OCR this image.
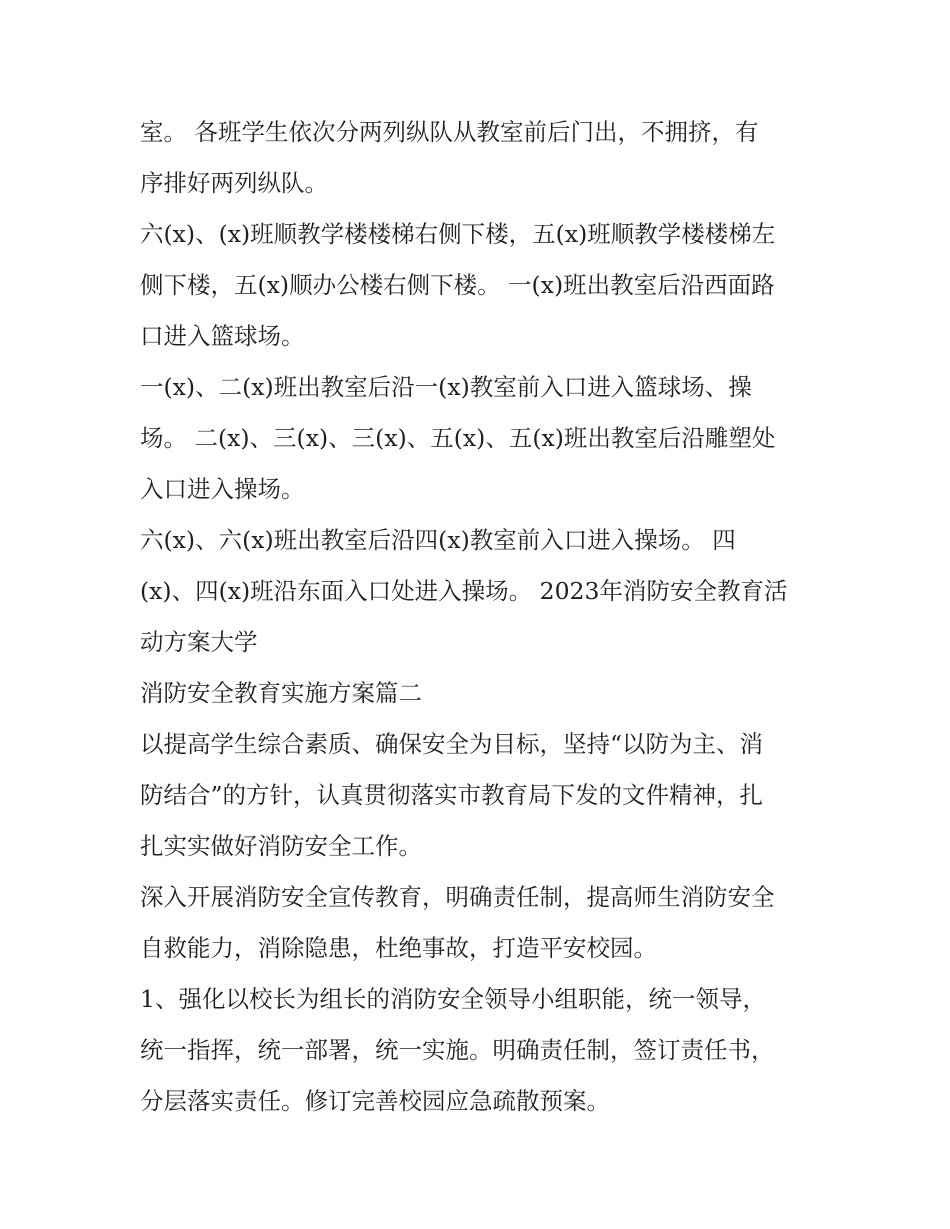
室。 各班学生依次分两列纵队从教室前后门出，不拥挤，有
序排好两列纵队。

六(x)、(x)班顺教学楼楼梯右侧下楼，五(x)班顺教学楼楼梯左
侧下楼，五(x)顺办公楼右侧下楼。 一(x)班出教室后沿西面路
口进入篮球场。

一(x)、二(x)班出教室后沿一(x)教室前入口进入篮球场、操
场。 二(x)、三(x)、三(x)、五(x)、五(x)班出教室后沿雕塑处
入口进入操场。

六(x)、六(x)班出教室后沿四(x)教室前入口进入操场。 四
(x)、四(x)班沿东面入口处进入操场。 2023年消防安全教育活
动方案大学

消防安全教育实施方案篇二

以提高学生综合素质、确保安全为目标，坚持“以防为主、消
防结合”的方针，认真贯彻落实市教育局下发的文件精神，扎
扎实实做好消防安全工作。

深入开展消防安全宣传教育，明确责任制，提高师生消防安全
自救能力，消除隐患，杜绝事故，打造平安校园。

1、强化以校长为组长的消防安全领导小组职能，统一领导，
统一指挥，统一部署，统一实施。明确责任制，签订责任书，
分层落实责任。修订完善校园应急疏散预案。
